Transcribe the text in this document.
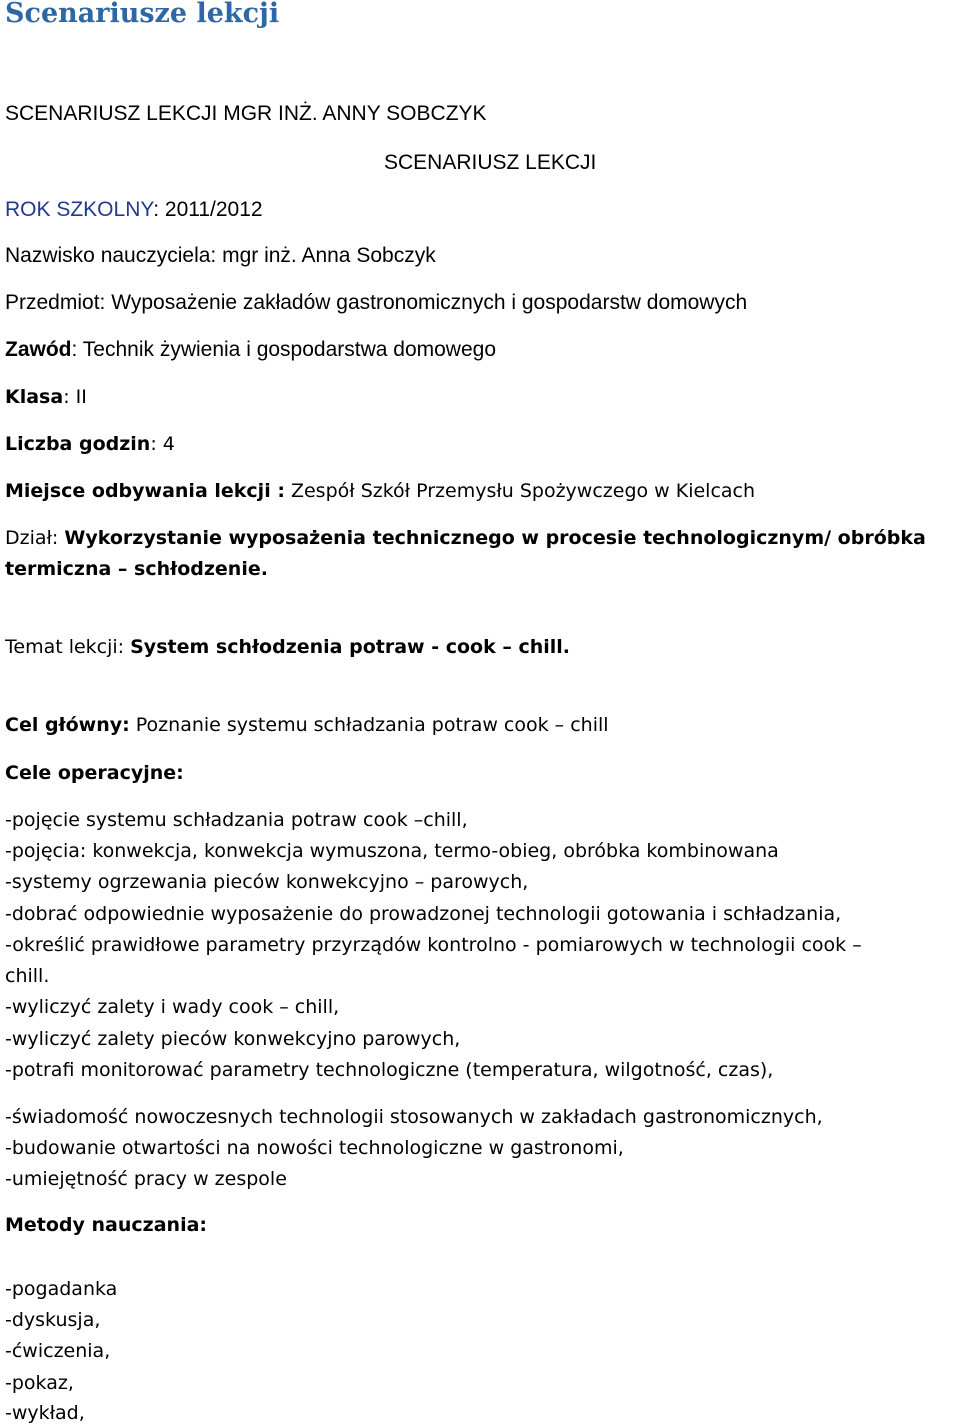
Scenariusze lekcji
SCENARIUSZ LEKCJI MGR INŻ. ANNY SOBCZYK
SCENARIUSZ LEKCJI
ROK SZKOLNY: 2011/2012
Nazwisko nauczyciela: mgr inż. Anna Sobczyk
Przedmiot: Wyposażenie zakładów gastronomicznych i gospodarstw domowych
Zawód: Technik żywienia i gospodarstwa domowego
Klasa: II
Liczba godzin: 4
Miejsce odbywania lekcji : Zespół Szkół Przemysłu Spożywczego w Kielcach
Dział: Wykorzystanie wyposażenia technicznego w procesie technologicznym/ obróbka
termiczna – schłodzenie.
Temat lekcji: System schłodzenia potraw - cook – chill.
Cel główny: Poznanie systemu schładzania potraw cook – chill
Cele operacyjne:
-pojęcie systemu schładzania potraw cook –chill,
-pojęcia: konwekcja, konwekcja wymuszona, termo-obieg, obróbka kombinowana
-systemy ogrzewania pieców konwekcyjno – parowych,
-dobrać odpowiednie wyposażenie do prowadzonej technologii gotowania i schładzania,
-określić prawidłowe parametry przyrządów kontrolno - pomiarowych w technologii cook –
chill.
-wyliczyć zalety i wady cook – chill,
-wyliczyć zalety pieców konwekcyjno parowych,
-potrafi monitorować parametry technologiczne (temperatura, wilgotność, czas),
-świadomość nowoczesnych technologii stosowanych w zakładach gastronomicznych,
-budowanie otwartości na nowości technologiczne w gastronomi,
-umiejętność pracy w zespole
Metody nauczania:
-pogadanka
-dyskusja,
-ćwiczenia,
-pokaz,
-wykład,
